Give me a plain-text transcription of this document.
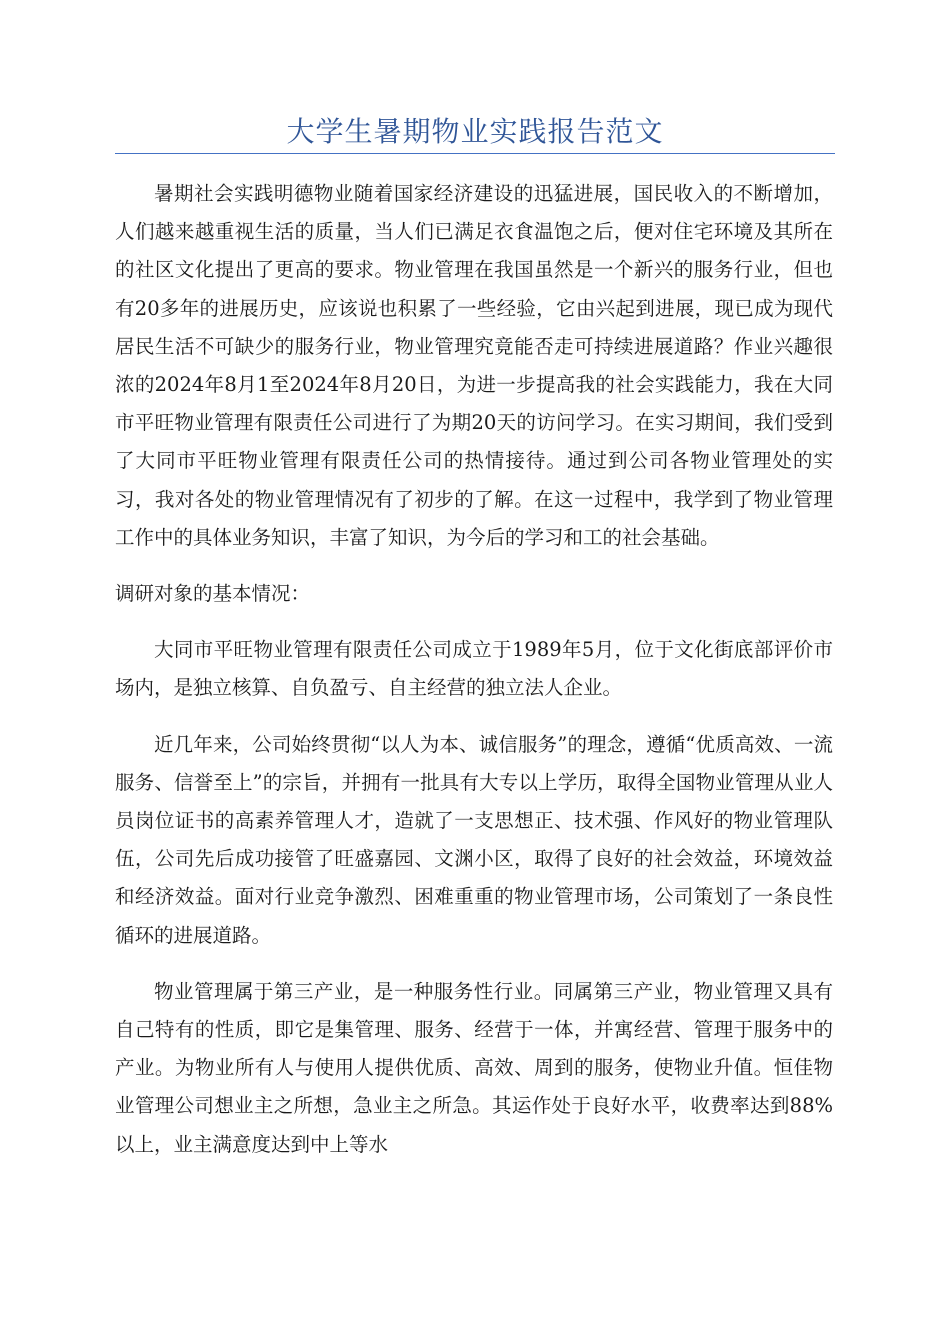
大学生暑期物业实践报告范文

暑期社会实践明德物业随着国家经济建设的迅猛进展，国民收入的不断增加，人们越来越重视生活的质量，当人们已满足衣食温饱之后，便对住宅环境及其所在的社区文化提出了更高的要求。物业管理在我国虽然是一个新兴的服务行业，但也有20多年的进展历史，应该说也积累了一些经验，它由兴起到进展，现已成为现代居民生活不可缺少的服务行业，物业管理究竟能否走可持续进展道路？作业兴趣很浓的2024年8月1至2024年8月20日，为进一步提高我的社会实践能力，我在大同市平旺物业管理有限责任公司进行了为期20天的访问学习。在实习期间，我们受到了大同市平旺物业管理有限责任公司的热情接待。通过到公司各物业管理处的实习，我对各处的物业管理情况有了初步的了解。在这一过程中，我学到了物业管理工作中的具体业务知识，丰富了知识，为今后的学习和工的社会基础。

调研对象的基本情况：

大同市平旺物业管理有限责任公司成立于1989年5月，位于文化街底部评价市场内，是独立核算、自负盈亏、自主经营的独立法人企业。

近几年来，公司始终贯彻“以人为本、诚信服务”的理念，遵循“优质高效、一流服务、信誉至上”的宗旨，并拥有一批具有大专以上学历，取得全国物业管理从业人员岗位证书的高素养管理人才，造就了一支思想正、技术强、作风好的物业管理队伍，公司先后成功接管了旺盛嘉园、文渊小区，取得了良好的社会效益，环境效益和经济效益。面对行业竞争激烈、困难重重的物业管理市场，公司策划了一条良性循环的进展道路。

物业管理属于第三产业，是一种服务性行业。同属第三产业，物业管理又具有自己特有的性质，即它是集管理、服务、经营于一体，并寓经营、管理于服务中的产业。为物业所有人与使用人提供优质、高效、周到的服务，使物业升值。恒佳物业管理公司想业主之所想，急业主之所急。其运作处于良好水平，收费率达到88%以上，业主满意度达到中上等水
